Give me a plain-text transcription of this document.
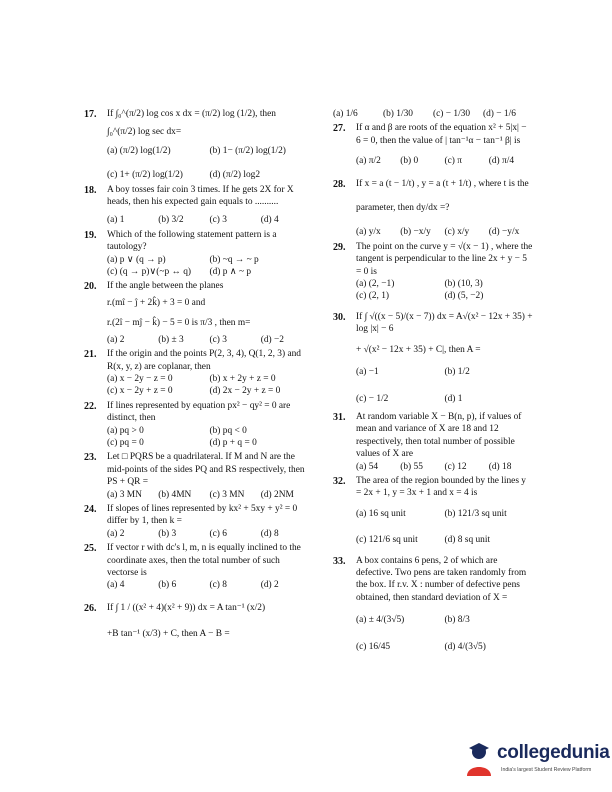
17. If ∫₀^(π/2) log cos x dx = (π/2) log (1/2), then
∫₀^(π/2) log sec dx=
(a) (π/2) log(1/2)	(b) 1− (π/2) log(1/2)
(c) 1+ (π/2) log(1/2)	(d) (π/2) log2
18. A boy tosses fair coin 3 times. If he gets 2X for X heads, then his expected gain equals to ..........
(a) 1	(b) 3/2	(c) 3	(d) 4
19. Which of the following statement pattern is a tautology?
(a) p ∨ (q → p)	(b) ~q → ~ p
(c) (q → p)∨(~p ↔ q)	(d) p ∧ ~ p
20. If the angle between the planes
r.(mî − ĵ + 2k̂) + 3 = 0 and
r.(2î − mĵ − k̂) − 5 = 0 is π/3 , then m=
(a) 2	(b) ± 3	(c) 3	(d) −2
21. If the origin and the points P(2, 3, 4), Q(1, 2, 3) and R(x, y, z) are coplanar, then
(a) x − 2y − z = 0	(b) x + 2y + z = 0
(c) x − 2y + z = 0	(d) 2x − 2y + z = 0
22. If lines represented by equation px² − qy² = 0 are distinct, then
(a) pq > 0	(b) pq < 0
(c) pq = 0	(d) p + q = 0
23. Let □ PQRS be a quadrilateral. If M and N are the mid-points of the sides PQ and RS respectively, then PS + QR =
(a) 3 MN	(b) 4MN	(c) 3 MN	(d) 2NM
24. If slopes of lines represented by kx² + 5xy + y² = 0 differ by 1, then k =
(a) 2	(b) 3	(c) 6	(d) 8
25. If vector r with dc's l, m, n is equally inclined to the coordinate axes, then the total number of such vectorse is
(a) 4	(b) 6	(c) 8	(d) 2
26. If ∫ 1 / ((x² + 4)(x² + 9)) dx = A tan⁻¹ (x/2)
+B tan⁻¹ (x/3) + C, then A − B =
(a) 1/6	(b) 1/30	(c) − 1/30	(d) − 1/6
27. If α and β are roots of the equation x² + 5|x| − 6 = 0, then the value of | tan⁻¹α − tan⁻¹ β| is
(a) π/2	(b) 0	(c) π	(d) π/4
28. If x = a (t − 1/t) , y = a (t + 1/t) , where t is the
parameter, then dy/dx =?
(a) y/x	(b) −x/y	(c) x/y	(d) −y/x
29. The point on the curve y = √(x − 1) , where the tangent is perpendicular to the line 2x + y − 5 = 0 is
(a) (2, −1)	(b) (10, 3)
(c) (2, 1)	(d) (5, −2)
30. If ∫ √((x − 5)/(x − 7)) dx = A√(x² − 12x + 35) + log |x| − 6
+ √(x² − 12x + 35) + C|, then A =
(a) −1	(b) 1/2
(c) − 1/2	(d) 1
31. At random variable X − B(n, p), if values of mean and variance of X are 18 and 12 respectively, then total number of possible values of X are
(a) 54	(b) 55	(c) 12	(d) 18
32. The area of the region bounded by the lines y = 2x + 1, y = 3x + 1 and x = 4 is
(a) 16 sq unit	(b) 121/3 sq unit
(c) 121/6 sq unit	(d) 8 sq unit
33. A box contains 6 pens, 2 of which are defective. Two pens are taken randomly from the box. If r.v. X : number of defective pens obtained, then standard deviation of X =
(a) ± 4/(3√5)	(b) 8/3
(c) 16/45	(d) 4/(3√5)
collegedunia
India's largest Student Review Platform
